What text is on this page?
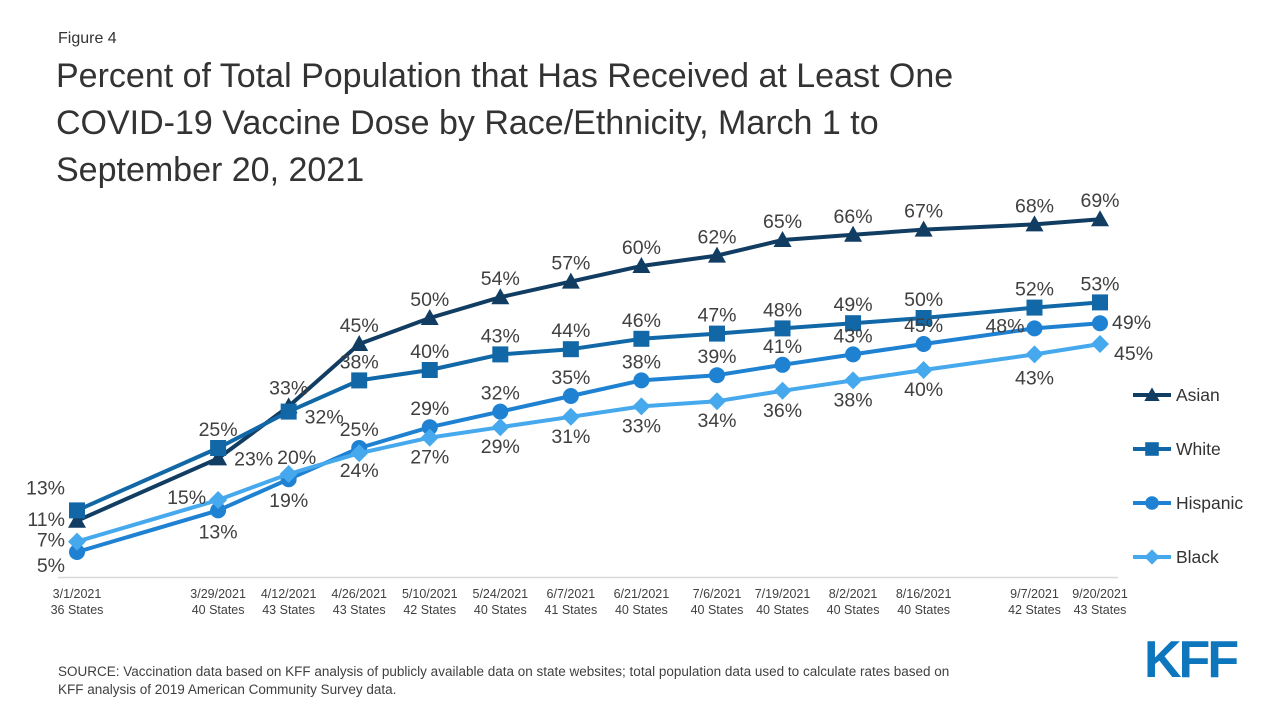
Figure 4
Percent of Total Population that Has Received at Least One
COVID-19 Vaccine Dose by Race/Ethnicity, March 1 to
September 20, 2021
3/1/2021
36 States
3/29/2021
40 States
4/12/2021
43 States
4/26/2021
43 States
5/10/2021
42 States
5/24/2021
40 States
6/7/2021
41 States
6/21/2021
40 States
7/6/2021
40 States
7/19/2021
40 States
8/2/2021
40 States
8/16/2021
40 States
9/7/2021
42 States
9/20/2021
43 States
11%
23%
33%
45%
50%
54%
57%
60% 62%
65% 66% 67%	68% 69%
13%
25%
32%
38% 40%
43% 44% 46% 47% 48% 49% 50%	52% 53%
5%
13%
19%
25%
29%
32%
35%
38% 39% 41% 43% 45% 48%	49%
7%
15%
20%
24%
27% 29% 31% 33% 34% 36% 38% 40%
43%
45%
Asian
White
Hispanic
Black
SOURCE: Vaccination data based on KFF analysis of publicly available data on state websites; total population data used to calculate rates based on
KFF analysis of 2019 American Community Survey data.	KFF
